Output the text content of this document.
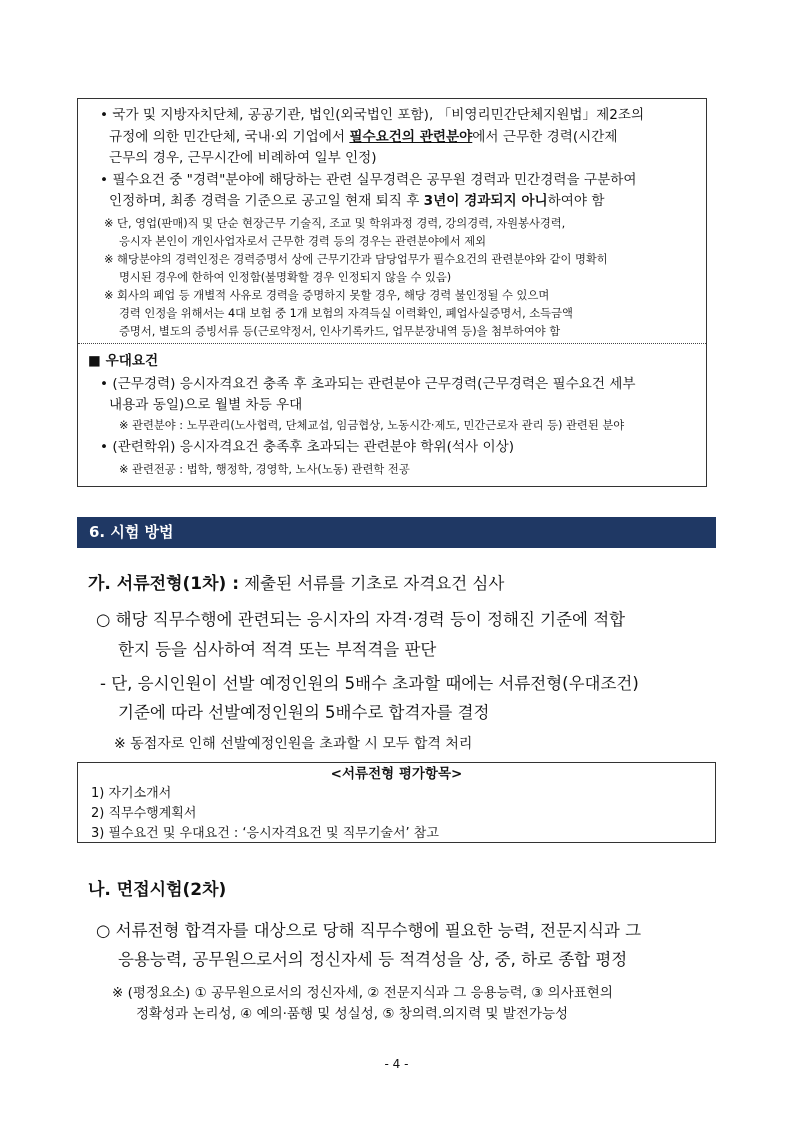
• 국가 및 지방자치단체, 공공기관, 법인(외국법인 포함), 「비영리민간단체지원법」제2조의
규정에 의한 민간단체, 국내·외 기업에서 필수요건의 관련분야에서 근무한 경력(시간제
근무의 경우, 근무시간에 비례하여 일부 인정)
• 필수요건 중 "경력"분야에 해당하는 관련 실무경력은 공무원 경력과 민간경력을 구분하여
인정하며, 최종 경력을 기준으로 공고일 현재 퇴직 후 3년이 경과되지 아니하여야 함
※ 단, 영업(판매)직 및 단순 현장근무 기술직, 조교 및 학위과정 경력, 강의경력, 자원봉사경력,
응시자 본인이 개인사업자로서 근무한 경력 등의 경우는 관련분야에서 제외
※ 해당분야의 경력인정은 경력증명서 상에 근무기간과 담당업무가 필수요건의 관련분야와 같이 명확히
명시된 경우에 한하여 인정함(불명확할 경우 인정되지 않을 수 있음)
※ 회사의 폐업 등 개별적 사유로 경력을 증명하지 못할 경우, 해당 경력 불인정될 수 있으며
경력 인정을 위해서는 4대 보험 중 1개 보험의 자격득실 이력확인, 폐업사실증명서, 소득금액
증명서, 별도의 증빙서류 등(근로약정서, 인사기록카드, 업무분장내역 등)을 첨부하여야 함
■ 우대요건
• (근무경력) 응시자격요건 충족 후 초과되는 관련분야 근무경력(근무경력은 필수요건 세부
내용과 동일)으로 월별 차등 우대
※ 관련분야 : 노무관리(노사협력, 단체교섭, 임금협상, 노동시간·제도, 민간근로자 관리 등) 관련된 분야
• (관련학위) 응시자격요건 충족후 초과되는 관련분야 학위(석사 이상)
※ 관련전공 : 법학, 행정학, 경영학, 노사(노동) 관련학 전공
6. 시험 방법
가. 서류전형(1차) : 제출된 서류를 기초로 자격요건 심사
○ 해당 직무수행에 관련되는 응시자의 자격·경력 등이 정해진 기준에 적합
한지 등을 심사하여 적격 또는 부적격을 판단
- 단, 응시인원이 선발 예정인원의 5배수 초과할 때에는 서류전형(우대조건)
기준에 따라 선발예정인원의 5배수로 합격자를 결정
※ 동점자로 인해 선발예정인원을 초과할 시 모두 합격 처리
<서류전형 평가항목>
1) 자기소개서
2) 직무수행계획서
3) 필수요건 및 우대요건 : ‘응시자격요건 및 직무기술서’ 참고
나. 면접시험(2차)
○ 서류전형 합격자를 대상으로 당해 직무수행에 필요한 능력, 전문지식과 그
응용능력, 공무원으로서의 정신자세 등 적격성을 상, 중, 하로 종합 평정
※ (평정요소) ① 공무원으로서의 정신자세, ② 전문지식과 그 응용능력, ③ 의사표현의
정확성과 논리성, ④ 예의·품행 및 성실성, ⑤ 창의력.의지력 및 발전가능성
- 4 -
